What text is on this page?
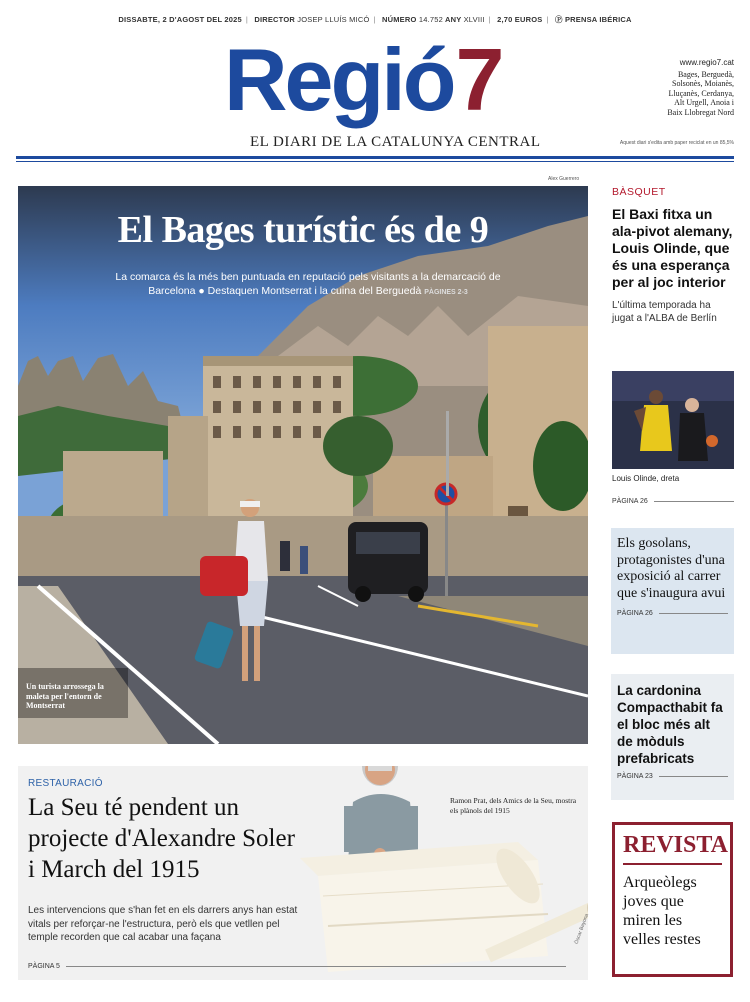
DISSABTE, 2 D'AGOST DEL 2025 | DIRECTOR JOSEP LLUÍS MICÓ | NÚMERO 14.752 ANY XLVIII | 2,70 EUROS | Ⓟ PRENSA IBÉRICA
Regió 7
EL DIARI DE LA CATALUNYA CENTRAL
www.regio7.cat
Bages, Berguedà,
Solsonès, Moianès,
Lluçanès, Cerdanya,
Alt Urgell, Anoia i
Baix Llobregat Nord
Aquest diari s'edita amb paper reciclat en un 85,5%
Alex Guerrero
El Bages turístic és de 9
La comarca és la més ben puntuada en reputació pels visitants a la demarcació de Barcelona ● Destaquen Montserrat i la cuina del Berguedà PÀGINES 2-3
Un turista arrossega la maleta per l'entorn de Montserrat
BÀSQUET
El Baxi fitxa un ala-pivot alemany, Louis Olinde, que és una esperança per al joc interior
L'última temporada ha jugat a l'ALBA de Berlín
Louis Olinde, dreta
PÀGINA 26
Els gosolans, protagonistes d'una exposició al carrer que s'inaugura avui
PÀGINA 26
La cardonina Compacthabit fa el bloc més alt de mòduls prefabricats
PÀGINA 23
REVISTA
Arqueòlegs joves que miren les velles restes
RESTAURACIÓ
La Seu té pendent un projecte d'Alexandre Soler i March del 1915
Les intervencions que s'han fet en els darrers anys han estat vitals per reforçar-ne l'estructura, però els que vetllen pel temple recorden que cal acabar una façana
Ramon Prat, dels Amics de la Seu, mostra els plànols del 1915
Òscar Bayona
PÀGINA 5
